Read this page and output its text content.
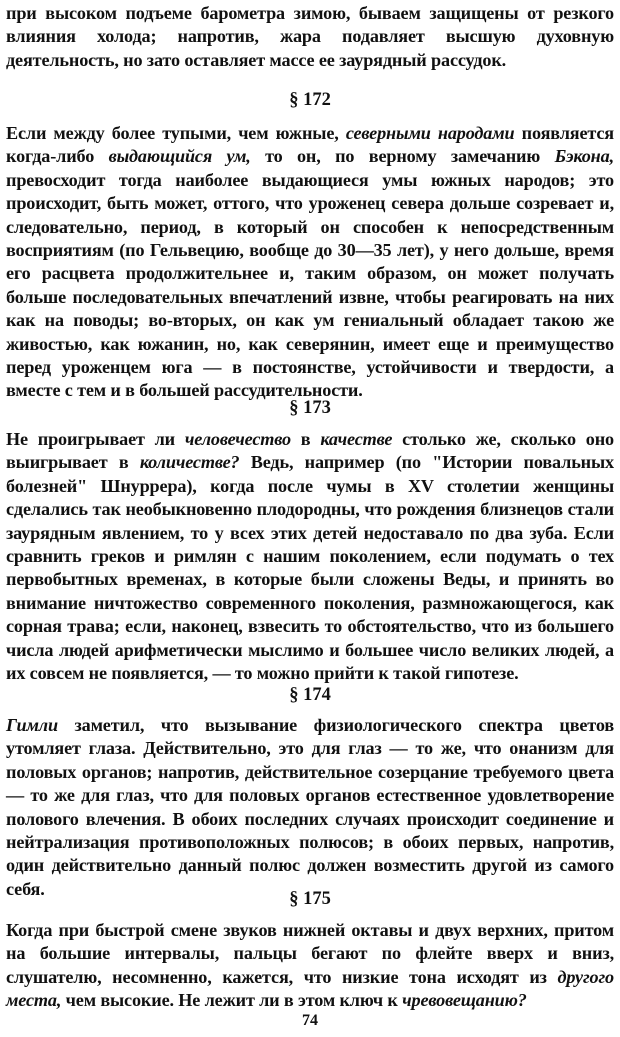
при высоком подъеме барометра зимою, бываем защищены от резкого влияния холода; напротив, жара подавляет высшую духовную деятельность, но зато оставляет массе ее заурядный рассудок.

§ 172

Если между более тупыми, чем южные, северными народами появляется когда-либо выдающийся ум, то он, по верному замечанию Бэкона, превосходит тогда наиболее выдающиеся умы южных народов; это происходит, быть может, оттого, что уроженец севера дольше созревает и, следовательно, период, в который он способен к непосредственным восприятиям (по Гельвецию, вообще до 30—35 лет), у него дольше, время его расцвета продолжительнее и, таким образом, он может получать больше последовательных впечатлений извне, чтобы реагировать на них как на поводы; во-вторых, он как ум гениальный обладает такою же живостью, как южанин, но, как северянин, имеет еще и преимущество перед уроженцем юга — в постоянстве, устойчивости и твердости, а вместе с тем и в большей рассудительности.

§ 173

Не проигрывает ли человечество в качестве столько же, сколько оно выигрывает в количестве? Ведь, например (по "Истории повальных болезней" Шнуррера), когда после чумы в XV столетии женщины сделались так необыкновенно плодородны, что рождения близнецов стали заурядным явлением, то у всех этих детей недоставало по два зуба. Если сравнить греков и римлян с нашим поколением, если подумать о тех первобытных временах, в которые были сложены Веды, и принять во внимание ничтожество современного поколения, размножающегося, как сорная трава; если, наконец, взвесить то обстоятельство, что из большего числа людей арифметически мыслимо и большее число великих людей, а их совсем не появляется, — то можно прийти к такой гипотезе.

§ 174

Гимли заметил, что вызывание физиологического спектра цветов утомляет глаза. Действительно, это для глаз — то же, что онанизм для половых органов; напротив, действительное созерцание требуемого цвета — то же для глаз, что для половых органов естественное удовлетворение полового влечения. В обоих последних случаях происходит соединение и нейтрализация противоположных полюсов; в обоих первых, напротив, один действительно данный полюс должен возместить другой из самого себя.

§ 175

Когда при быстрой смене звуков нижней октавы и двух верхних, притом на большие интервалы, пальцы бегают по флейте вверх и вниз, слушателю, несомненно, кажется, что низкие тона исходят из другого места, чем высокие. Не лежит ли в этом ключ к чревовещанию?

74
